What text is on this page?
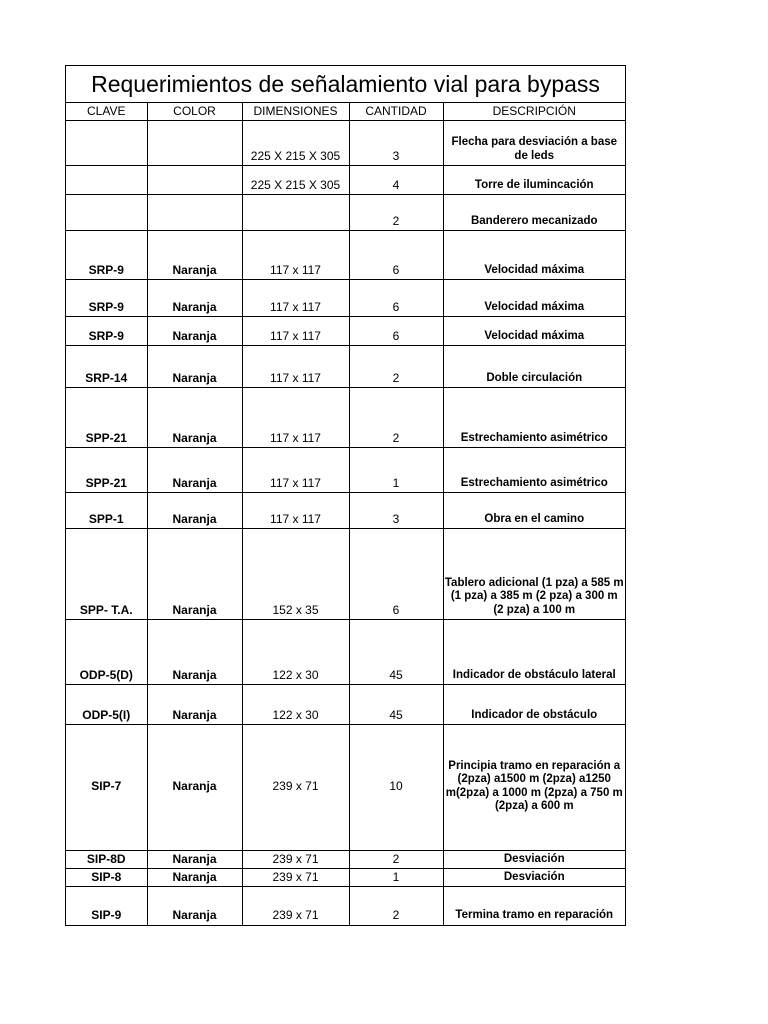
Requerimientos de señalamiento vial para bypass
CLAVE	COLOR	DIMENSIONES	CANTIDAD	DESCRIPCIÓN
		225 X 215 X 305	3	Flecha para desviación a base de leds
		225 X 215 X 305	4	Torre de ilumincación
			2	Banderero mecanizado
SRP-9	Naranja	117 x 117	6	Velocidad máxima
SRP-9	Naranja	117 x 117	6	Velocidad máxima
SRP-9	Naranja	117 x 117	6	Velocidad máxima
SRP-14	Naranja	117 x 117	2	Doble circulación
SPP-21	Naranja	117 x 117	2	Estrechamiento asimétrico
SPP-21	Naranja	117 x 117	1	Estrechamiento asimétrico
SPP-1	Naranja	117 x 117	3	Obra en el camino
SPP- T.A.	Naranja	152 x 35	6	Tablero adicional (1 pza) a 585 m (1 pza) a 385 m (2 pza) a 300 m (2 pza) a 100 m
ODP-5(D)	Naranja	122 x 30	45	Indicador de obstáculo lateral
ODP-5(I)	Naranja	122 x 30	45	Indicador de obstáculo
SIP-7	Naranja	239 x 71	10	Principia tramo en reparación a (2pza) a1500 m (2pza) a1250 m(2pza) a 1000 m (2pza) a 750 m (2pza) a 600 m
SIP-8D	Naranja	239 x 71	2	Desviación
SIP-8	Naranja	239 x 71	1	Desviación
SIP-9	Naranja	239 x 71	2	Termina tramo en reparación
